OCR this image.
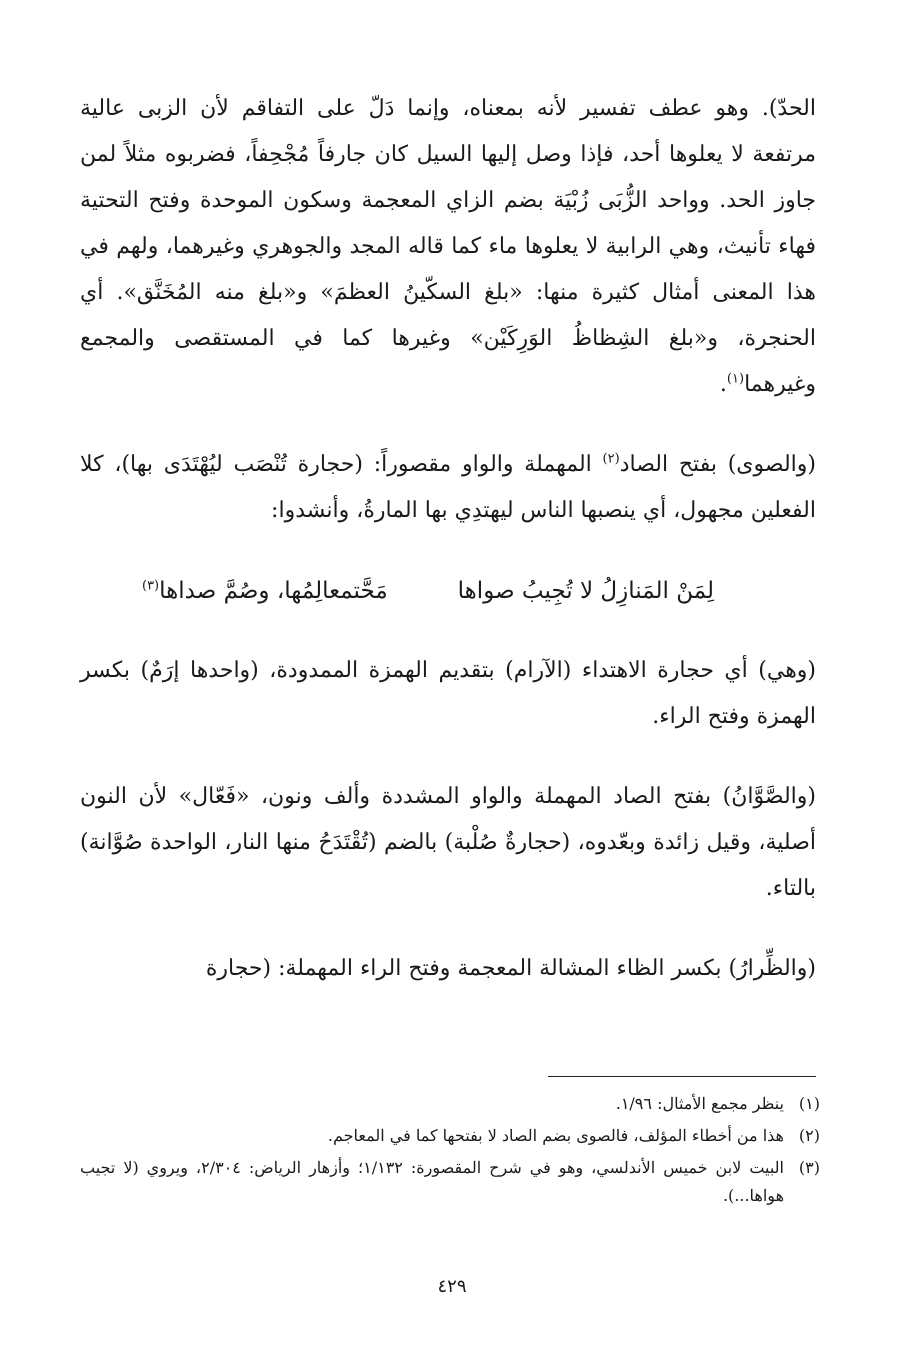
الحدّ). وهو عطف تفسير لأنه بمعناه، وإنما دَلّ على التفاقم لأن الزبى عالية مرتفعة لا يعلوها أحد، فإذا وصل إليها السيل كان جارفاً مُجْحِفاً، فضربوه مثلاً لمن جاوز الحد. وواحد الزُّبَى زُبْيَة بضم الزاي المعجمة وسكون الموحدة وفتح التحتية فهاء تأنيث، وهي الرابية لا يعلوها ماء كما قاله المجد والجوهري وغيرهما، ولهم في هذا المعنى أمثال كثيرة منها: «بلغ السكّينُ العظمَ» و«بلغ منه المُخَنَّق». أي الحنجرة، و«بلغ الشِظاظُ الوَرِكَيْن» وغيرها كما في المستقصى والمجمع وغيرهما$^{(١)}$.

(والصوى) بفتح الصاد$^{(٢)}$ المهملة والواو مقصوراً: (حجارة تُنْصَب ليُهْتَدَى بها)، كلا الفعلين مجهول، أي ينصبها الناس ليهتدِي بها المارةُ، وأنشدوا:

لِمَنْ المَنازِلُ لا تُجِيبُ صواها
مَحَّتمعالِمُها، وصُمَّ صداها$^{(٣)}$

(وهي) أي حجارة الاهتداء (الآرام) بتقديم الهمزة الممدودة، (واحدها إرَمٌ) بكسر الهمزة وفتح الراء.

(والصَّوَّانُ) بفتح الصاد المهملة والواو المشددة وألف ونون، «فَعّال» لأن النون أصلية، وقيل زائدة وبعّدوه، (حجارةٌ صُلْبة) بالضم (تُقْتَدَحُ منها النار، الواحدة صُوَّانة) بالتاء.

(والظِّرارُ) بكسر الظاء المشالة المعجمة وفتح الراء المهملة: (حجارة

(١)
ينظر مجمع الأمثال: ١/٩٦.
(٢)
هذا من أخطاء المؤلف، فالصوى بضم الصاد لا بفتحها كما في المعاجم.
(٣)
البيت لابن خميس الأندلسي، وهو في شرح المقصورة: ١/١٣٢؛ وأزهار الرياض: ٢/٣٠٤، ويروي (لا تجيب هواها...).
٤٢٩
